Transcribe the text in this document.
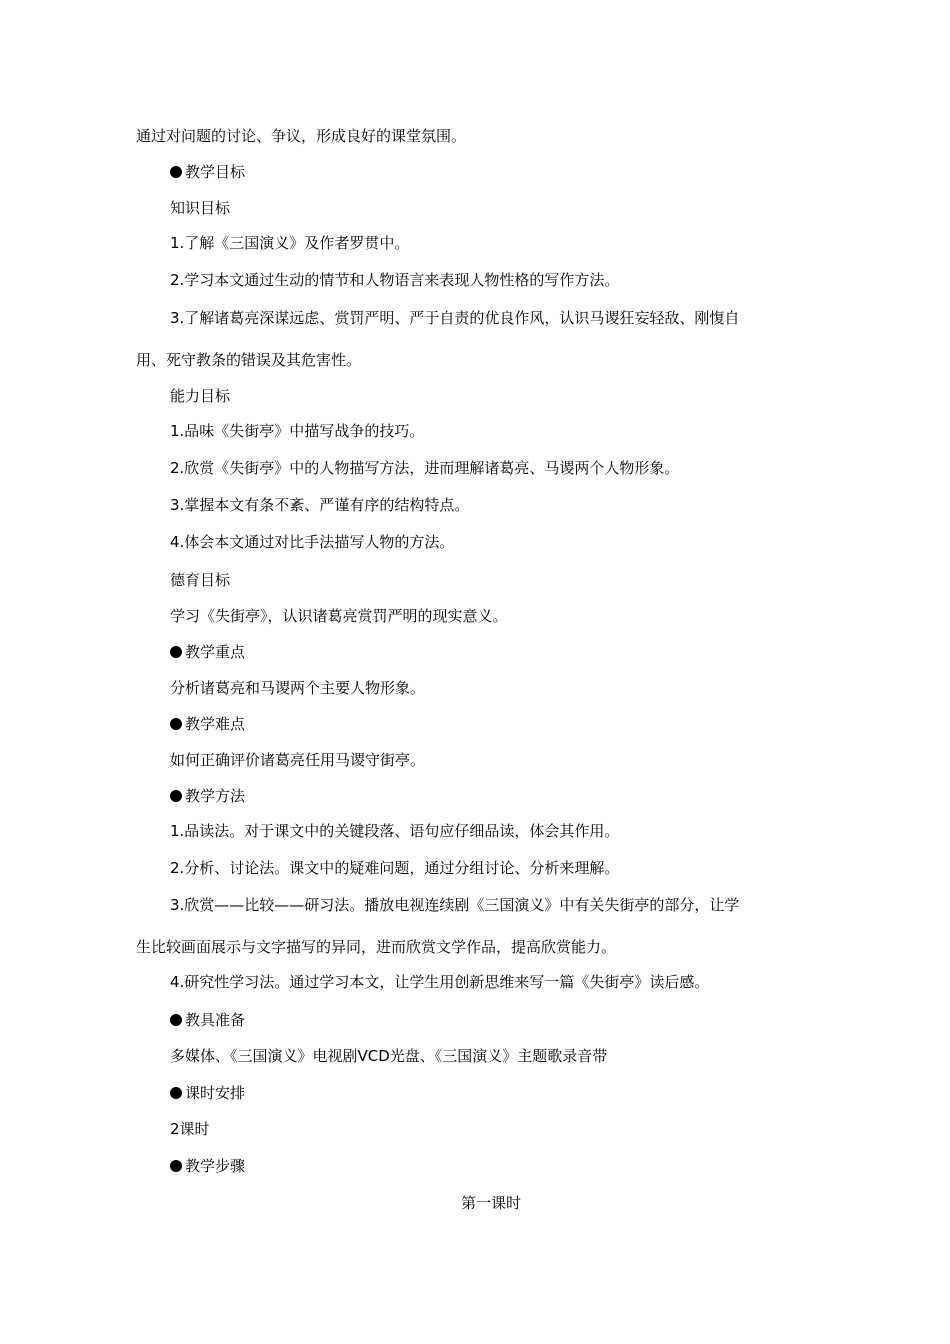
通过对问题的讨论、争议，形成良好的课堂氛围。

教学目标

知识目标

1.了解《三国演义》及作者罗贯中。

2.学习本文通过生动的情节和人物语言来表现人物性格的写作方法。

3.了解诸葛亮深谋远虑、赏罚严明、严于自责的优良作风，认识马谡狂妄轻敌、刚愎自

用、死守教条的错误及其危害性。

能力目标

1.品味《失街亭》中描写战争的技巧。

2.欣赏《失街亭》中的人物描写方法，进而理解诸葛亮、马谡两个人物形象。

3.掌握本文有条不紊、严谨有序的结构特点。

4.体会本文通过对比手法描写人物的方法。

德育目标

学习《失街亭》，认识诸葛亮赏罚严明的现实意义。

教学重点

分析诸葛亮和马谡两个主要人物形象。

教学难点

如何正确评价诸葛亮任用马谡守街亭。

教学方法

1.品读法。对于课文中的关键段落、语句应仔细品读，体会其作用。

2.分析、讨论法。课文中的疑难问题，通过分组讨论、分析来理解。

3.欣赏——比较——研习法。播放电视连续剧《三国演义》中有关失街亭的部分，让学

生比较画面展示与文字描写的异同，进而欣赏文学作品，提高欣赏能力。

4.研究性学习法。通过学习本文，让学生用创新思维来写一篇《失街亭》读后感。

教具准备

多媒体、《三国演义》电视剧VCD光盘、《三国演义》主题歌录音带

课时安排

2课时

教学步骤

第一课时
